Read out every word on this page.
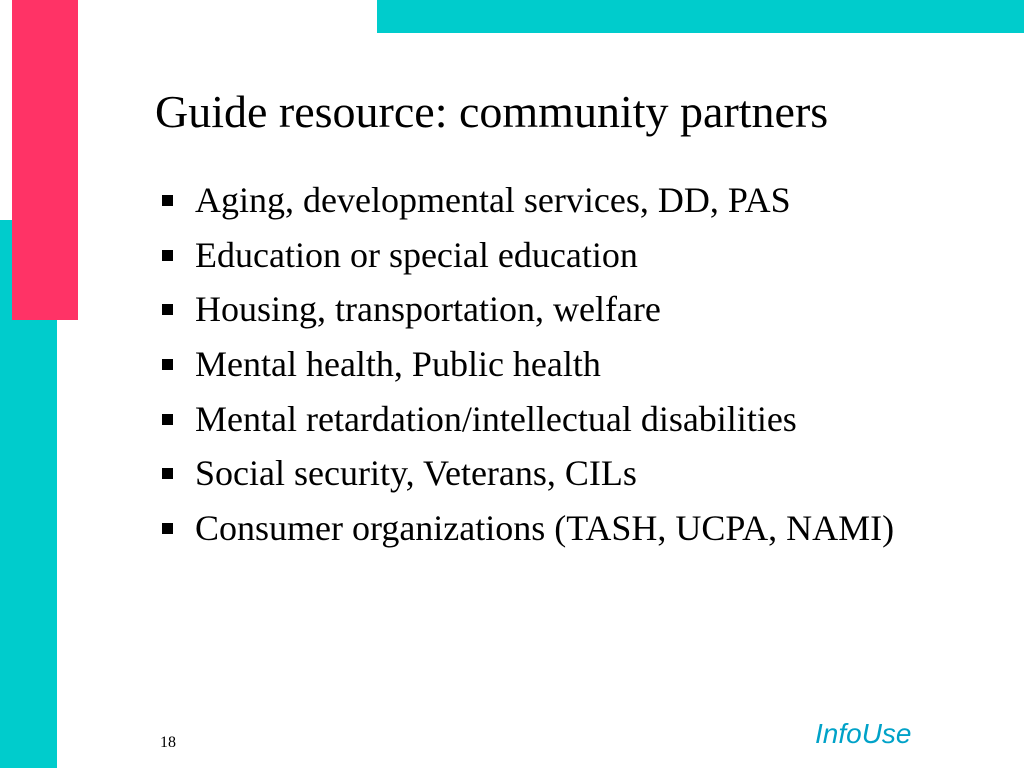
Guide resource: community partners
Aging, developmental services, DD, PAS
Education or special education
Housing, transportation, welfare
Mental health, Public health
Mental retardation/intellectual disabilities
Social security, Veterans, CILs
Consumer organizations (TASH, UCPA, NAMI)
18	InfoUse
